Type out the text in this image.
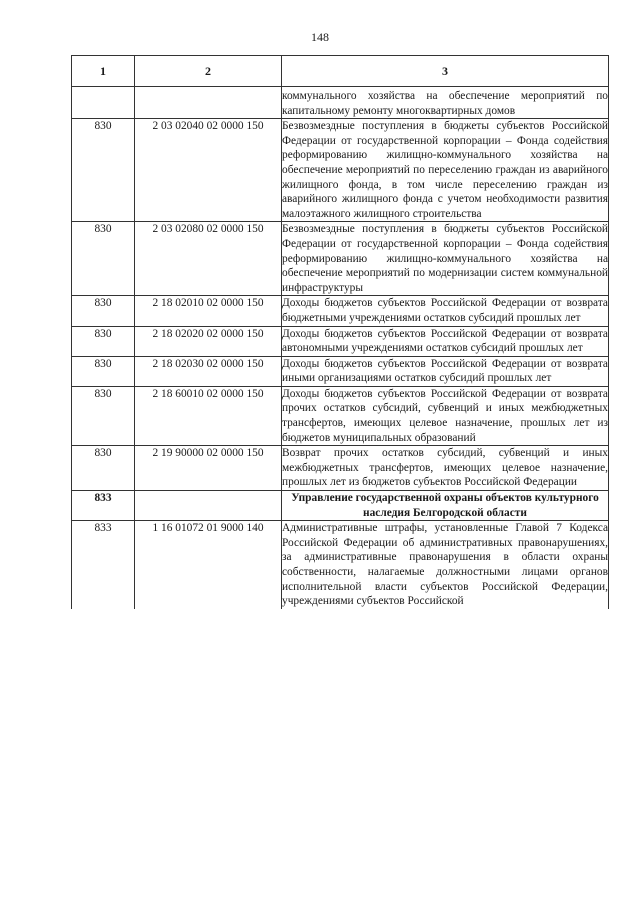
148
1	2	3
		коммунального хозяйства на обеспечение мероприятий по капитальному ремонту многоквартирных домов
830	2 03 02040 02 0000 150	Безвозмездные поступления в бюджеты субъектов Российской Федерации от государственной корпорации – Фонда содействия реформированию жилищно-коммунального хозяйства на обеспечение мероприятий по переселению граждан из аварийного жилищного фонда, в том числе переселению граждан из аварийного жилищного фонда с учетом необходимости развития малоэтажного жилищного строительства
830	2 03 02080 02 0000 150	Безвозмездные поступления в бюджеты субъектов Российской Федерации от государственной корпорации – Фонда содействия реформированию жилищно-коммунального хозяйства на обеспечение мероприятий по модернизации систем коммунальной инфраструктуры
830	2 18 02010 02 0000 150	Доходы бюджетов субъектов Российской Федерации от возврата бюджетными учреждениями остатков субсидий прошлых лет
830	2 18 02020 02 0000 150	Доходы бюджетов субъектов Российской Федерации от возврата автономными учреждениями остатков субсидий прошлых лет
830	2 18 02030 02 0000 150	Доходы бюджетов субъектов Российской Федерации от возврата иными организациями остатков субсидий прошлых лет
830	2 18 60010 02 0000 150	Доходы бюджетов субъектов Российской Федерации от возврата прочих остатков субсидий, субвенций и иных межбюджетных трансфертов, имеющих целевое назначение, прошлых лет из бюджетов муниципальных образований
830	2 19 90000 02 0000 150	Возврат прочих остатков субсидий, субвенций и иных межбюджетных трансфертов, имеющих целевое назначение, прошлых лет из бюджетов субъектов Российской Федерации
833		Управление государственной охраны объектов культурного наследия Белгородской области
833	1 16 01072 01 9000 140	Административные штрафы, установленные Главой 7 Кодекса Российской Федерации об административных правонарушениях, за административные правонарушения в области охраны собственности, налагаемые должностными лицами органов исполнительной власти субъектов Российской Федерации, учреждениями субъектов Российской
